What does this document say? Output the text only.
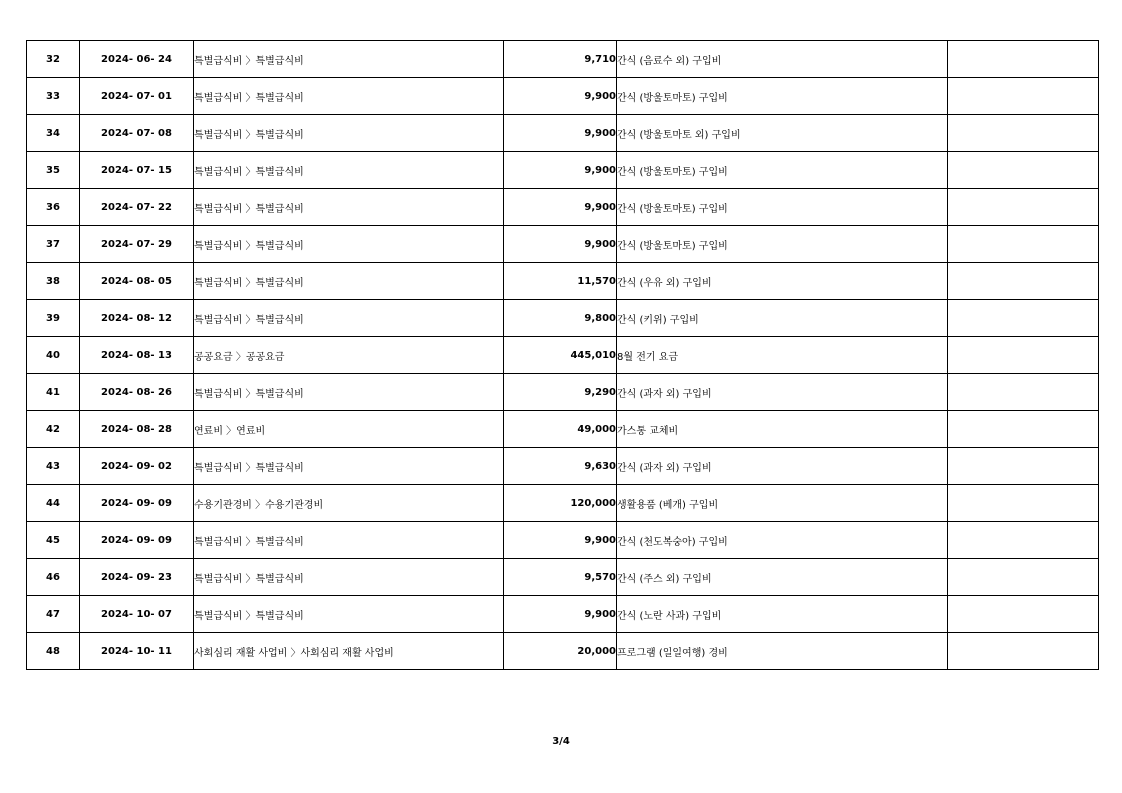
32	2024- 06- 24	특별급식비 〉특별급식비	9,710	간식 (음료수 외) 구입비	
33	2024- 07- 01	특별급식비 〉특별급식비	9,900	간식 (방울토마토) 구입비	
34	2024- 07- 08	특별급식비 〉특별급식비	9,900	간식 (방울토마토 외) 구입비	
35	2024- 07- 15	특별급식비 〉특별급식비	9,900	간식 (방울토마토) 구입비	
36	2024- 07- 22	특별급식비 〉특별급식비	9,900	간식 (방울토마토) 구입비	
37	2024- 07- 29	특별급식비 〉특별급식비	9,900	간식 (방울토마토) 구입비	
38	2024- 08- 05	특별급식비 〉특별급식비	11,570	간식 (우유 외) 구입비	
39	2024- 08- 12	특별급식비 〉특별급식비	9,800	간식 (키위) 구입비	
40	2024- 08- 13	공공요금 〉공공요금	445,010	8월 전기 요금	
41	2024- 08- 26	특별급식비 〉특별급식비	9,290	간식 (과자 외) 구입비	
42	2024- 08- 28	연료비 〉연료비	49,000	가스통 교체비	
43	2024- 09- 02	특별급식비 〉특별급식비	9,630	간식 (과자 외) 구입비	
44	2024- 09- 09	수용기관경비 〉수용기관경비	120,000	생활용품 (베개) 구입비	
45	2024- 09- 09	특별급식비 〉특별급식비	9,900	간식 (천도복숭아) 구입비	
46	2024- 09- 23	특별급식비 〉특별급식비	9,570	간식 (주스 외) 구입비	
47	2024- 10- 07	특별급식비 〉특별급식비	9,900	간식 (노란 사과) 구입비	
48	2024- 10- 11	사회심리 재활 사업비 〉사회심리 재활 사업비	20,000	프로그램 (일일여행) 경비	
3/4
